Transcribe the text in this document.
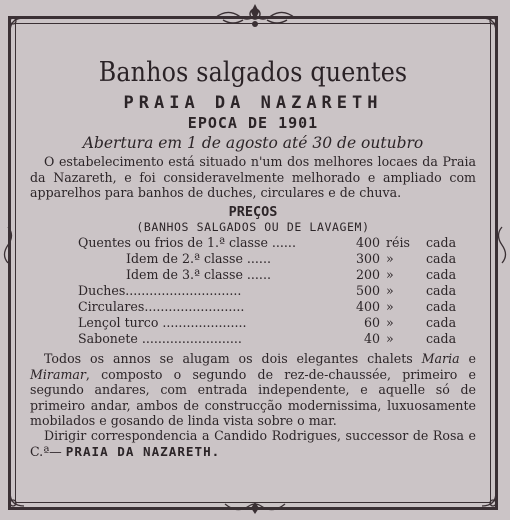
Banhos salgados quentes
PRAIA DA NAZARETH
EPOCA DE 1901
Abertura em 1 de agosto até 30 de outubro

O estabelecimento está situado n'um dos melhores locaes da Praia da Nazareth, e foi consideravelmente melhorado e ampliado com apparelhos para banhos de duches, circulares e de chuva.

PREÇOS
(BANHOS SALGADOS OU DE LAVAGEM)
Quentes ou frios de 1.ª classe ......	400	réis	cada
Idem de 2.ª classe ......	300	»	cada
Idem de 3.ª classe ......	200	»	cada
Duches.............................	500	»	cada
Circulares.........................	400	»	cada
Lençol turco .....................	60	»	cada
Sabonete .........................	40	»	cada

Todos os annos se alugam os dois elegantes chalets Maria e Miramar, composto o segundo de rez-de-chaussée, primeiro e segundo andares, com entrada independente, e aquelle só de primeiro andar, ambos de construcção modernissima, luxuosamente mobilados e gosando de linda vista sobre o mar.

Dirigir correspondencia a Candido Rodrigues, successor de Rosa e C.ª— PRAIA DA NAZARETH.
